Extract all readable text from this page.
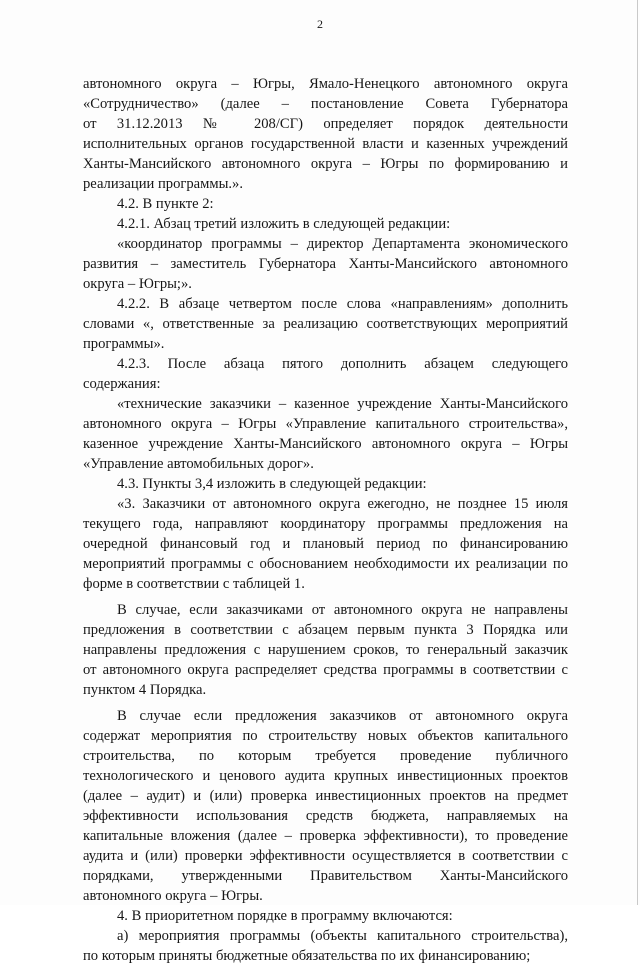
2
автономного округа – Югры, Ямало-Ненецкого автономного округа
«Сотрудничество» (далее – постановление Совета Губернатора
от 31.12.2013 № 208/СГ) определяет порядок деятельности
исполнительных органов государственной власти и казенных учреждений
Ханты-Мансийского автономного округа – Югры по формированию и
реализации программы.».
4.2. В пункте 2:
4.2.1. Абзац третий изложить в следующей редакции:
«координатор программы – директор Департамента экономического
развития – заместитель Губернатора Ханты-Мансийского автономного
округа – Югры;».
4.2.2. В абзаце четвертом после слова «направлениям» дополнить
словами «, ответственные за реализацию соответствующих мероприятий
программы».
4.2.3. После абзаца пятого дополнить абзацем следующего
содержания:
«технические заказчики – казенное учреждение Ханты-Мансийского
автономного округа – Югры «Управление капитального строительства»,
казенное учреждение Ханты-Мансийского автономного округа – Югры
«Управление автомобильных дорог».
4.3. Пункты 3,4 изложить в следующей редакции:
«3. Заказчики от автономного округа ежегодно, не позднее 15 июля
текущего года, направляют координатору программы предложения на
очередной финансовый год и плановый период по финансированию
мероприятий программы с обоснованием необходимости их реализации по
форме в соответствии с таблицей 1.
В случае, если заказчиками от автономного округа не направлены
предложения в соответствии с абзацем первым пункта 3 Порядка или
направлены предложения с нарушением сроков, то генеральный заказчик
от автономного округа распределяет средства программы в соответствии с
пунктом 4 Порядка.
В случае если предложения заказчиков от автономного округа
содержат мероприятия по строительству новых объектов капитального
строительства, по которым требуется проведение публичного
технологического и ценового аудита крупных инвестиционных проектов
(далее – аудит) и (или) проверка инвестиционных проектов на предмет
эффективности использования средств бюджета, направляемых на
капитальные вложения (далее – проверка эффективности), то проведение
аудита и (или) проверки эффективности осуществляется в соответствии с
порядками, утвержденными Правительством Ханты-Мансийского
автономного округа – Югры.
4. В приоритетном порядке в программу включаются:
а) мероприятия программы (объекты капитального строительства),
по которым приняты бюджетные обязательства по их финансированию;
